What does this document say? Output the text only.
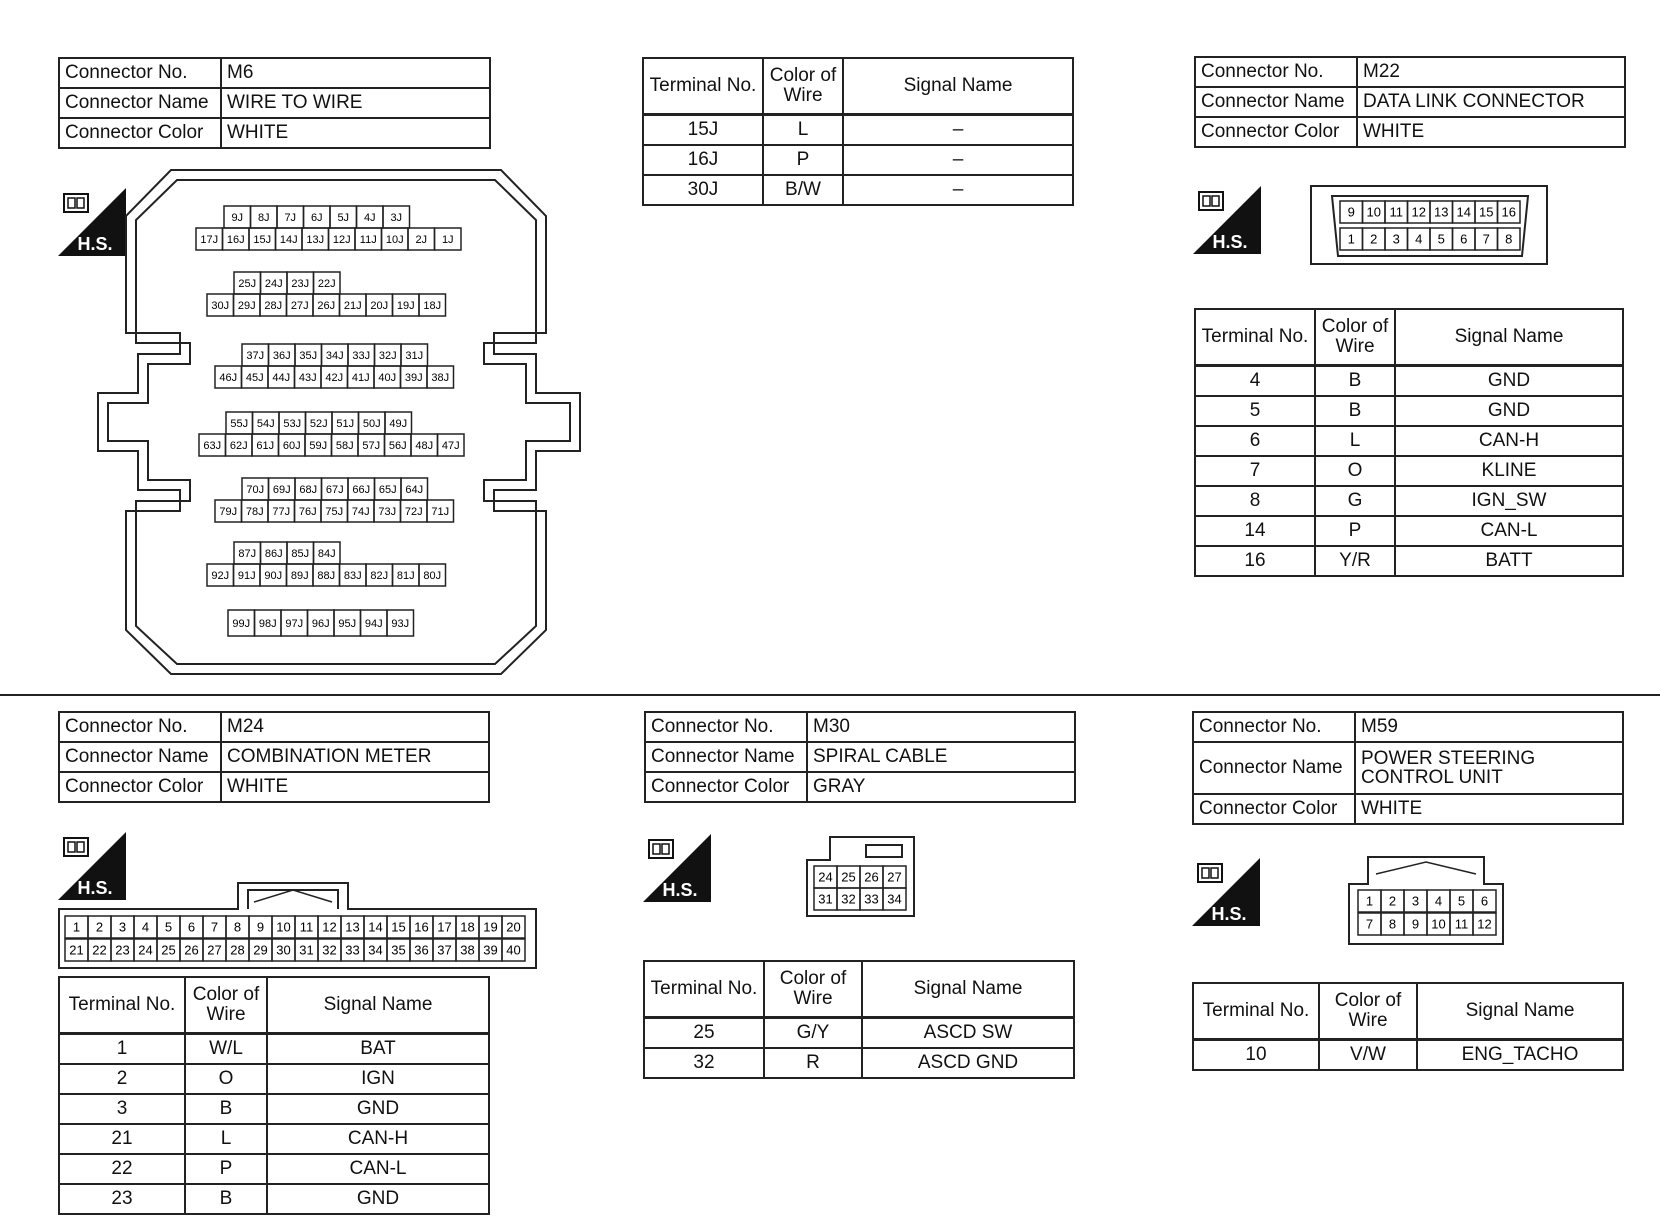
Connector No.	M6
Connector Name	WIRE TO WIRE
Connector Color	WHITE
H.S.
9J 8J 7J 6J 5J 4J 3J
17J 16J 15J 14J 13J 12J 11J 10J 2J 1J
25J 24J 23J 22J
30J 29J 28J 27J 26J 21J 20J 19J 18J
37J 36J 35J 34J 33J 32J 31J
46J 45J 44J 43J 42J 41J 40J 39J 38J
55J 54J 53J 52J 51J 50J 49J
63J 62J 61J 60J 59J 58J 57J 56J 48J 47J
70J 69J 68J 67J 66J 65J 64J
79J 78J 77J 76J 75J 74J 73J 72J 71J
87J 86J 85J 84J
92J 91J 90J 89J 88J 83J 82J 81J 80J
99J 98J 97J 96J 95J 94J 93J
Terminal No.	Color of Wire	Signal Name
15J	L	–
16J	P	–
30J	B/W	–
Connector No.	M22
Connector Name	DATA LINK CONNECTOR
Connector Color	WHITE
H.S.
9 10 11 12 13 14 15 16
1 2 3 4 5 6 7 8
Terminal No.	Color of Wire	Signal Name
4	B	GND
5	B	GND
6	L	CAN-H
7	O	KLINE
8	G	IGN_SW
14	P	CAN-L
16	Y/R	BATT
Connector No.	M24
Connector Name	COMBINATION METER
Connector Color	WHITE
H.S.
1 2 3 4 5 6 7 8 9 10 11 12 13 14 15 16 17 18 19 20
21 22 23 24 25 26 27 28 29 30 31 32 33 34 35 36 37 38 39 40
Terminal No.	Color of Wire	Signal Name
1	W/L	BAT
2	O	IGN
3	B	GND
21	L	CAN-H
22	P	CAN-L
23	B	GND
Connector No.	M30
Connector Name	SPIRAL CABLE
Connector Color	GRAY
H.S.
24 25 26 27
31 32 33 34
Terminal No.	Color of Wire	Signal Name
25	G/Y	ASCD SW
32	R	ASCD GND
Connector No.	M59
Connector Name	POWER STEERING CONTROL UNIT
Connector Color	WHITE
H.S.
1 2 3 4 5 6
7 8 9 10 11 12
Terminal No.	Color of Wire	Signal Name
10	V/W	ENG_TACHO
